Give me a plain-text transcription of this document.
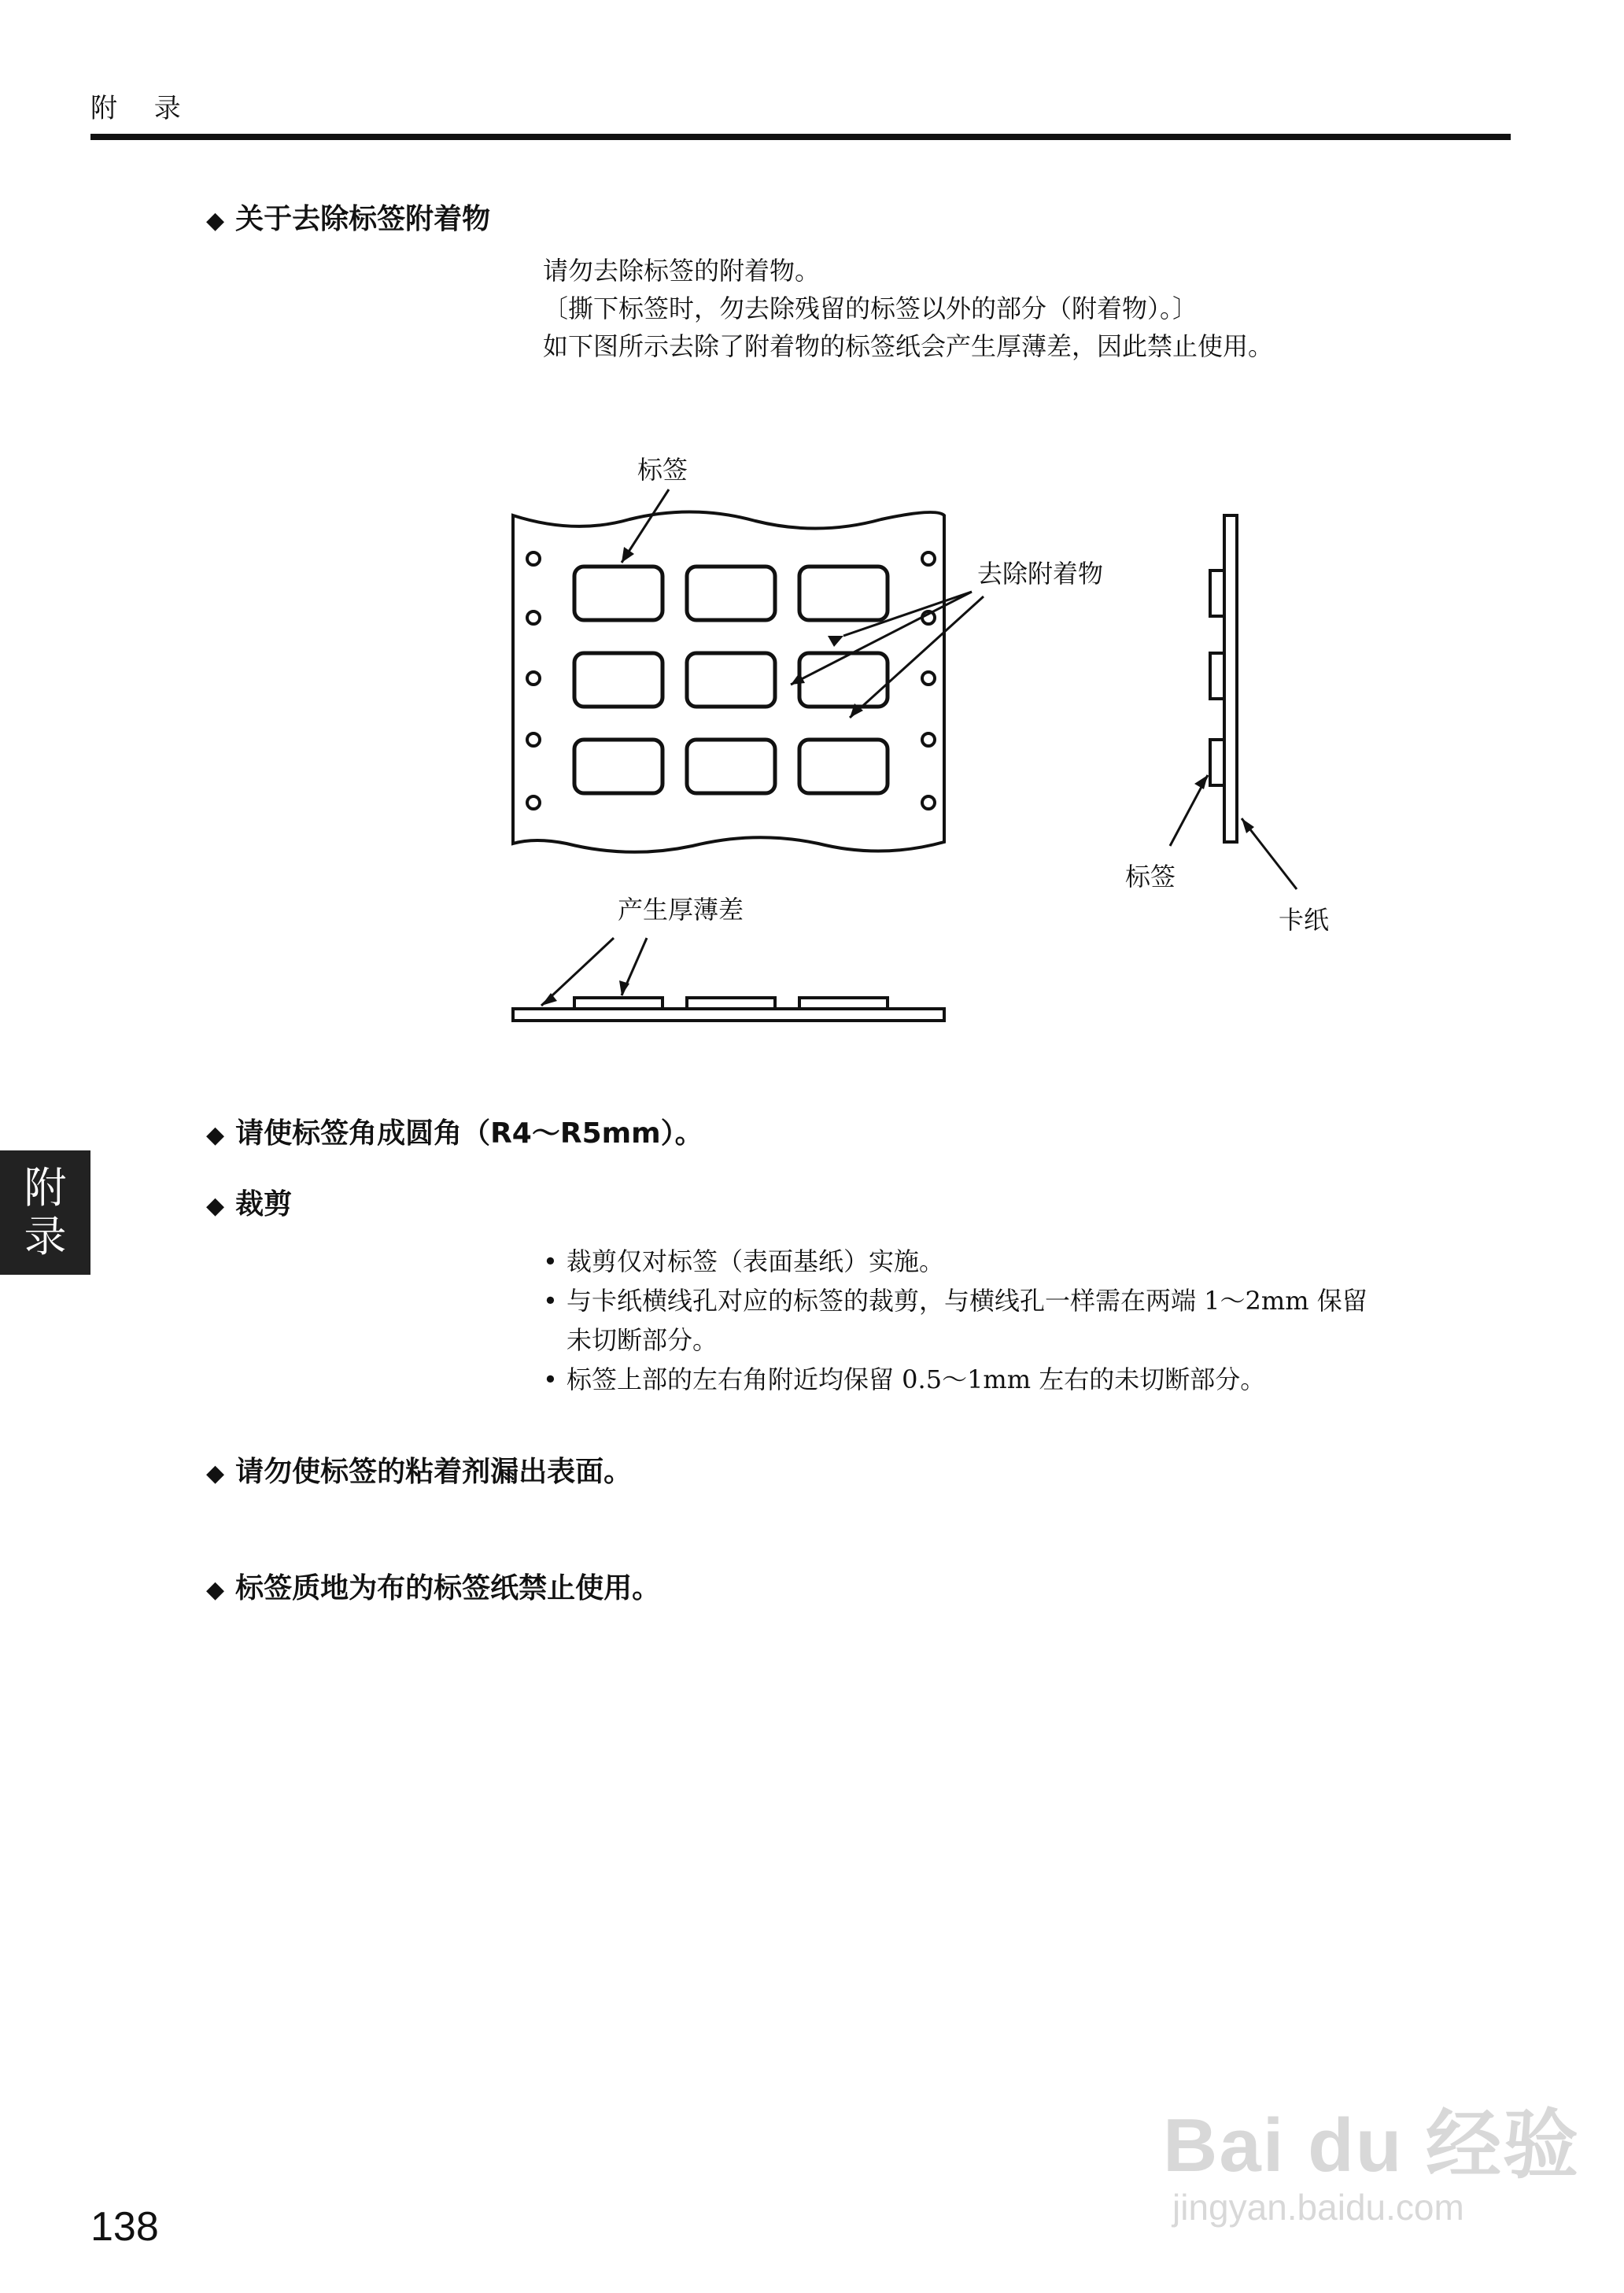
附 录
◆ 关于去除标签附着物
请勿去除标签的附着物。
〔撕下标签时，勿去除残留的标签以外的部分（附着物）。〕
如下图所示去除了附着物的标签纸会产生厚薄差，因此禁止使用。
标签
去除附着物
标签
卡纸
产生厚薄差
◆ 请使标签角成圆角（R4～R5mm）。
◆ 裁剪
• 裁剪仅对标签（表面基纸）实施。
• 与卡纸横线孔对应的标签的裁剪，与横线孔一样需在两端 1～2mm 保留
未切断部分。
• 标签上部的左右角附近均保留 0.5～1mm 左右的未切断部分。
◆ 请勿使标签的粘着剂漏出表面。
◆ 标签质地为布的标签纸禁止使用。
附
录
138
Bai du 经验
jingyan.baidu.com
